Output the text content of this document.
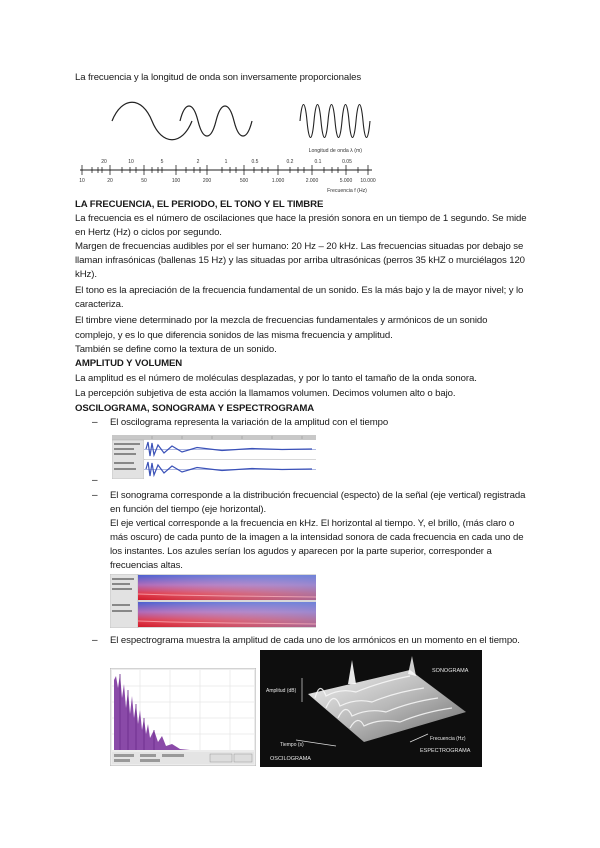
La frecuencia y la longitud de onda son inversamente proporcionales
Longitud de onda λ (m)
20	10	5	2	1	0.5	0.2	0.1	0.05
10	20	50	100	200	500	1.000	2.000	5.000 10.000
Frecuencia f (Hz)
LA FRECUENCIA, EL PERIODO, EL TONO Y EL TIMBRE
La frecuencia es el número de oscilaciones que hace la presión sonora en un tiempo de 1 segundo. Se mide
en Hertz (Hz) o ciclos por segundo.
Margen de frecuencias audibles por el ser humano: 20 Hz – 20 kHz. Las frecuencias situadas por debajo se
llaman infrasónicas (ballenas 15 Hz) y las situadas por arriba ultrasónicas (perros 35 kHZ o murciélagos 120
kHz).
El tono es la apreciación de la frecuencia fundamental de un sonido. Es la más bajo y la de mayor nivel; y lo
caracteriza.
El timbre viene determinado por la mezcla de frecuencias fundamentales y armónicos de un sonido
complejo, y es lo que diferencia sonidos de las misma frecuencia y amplitud.
También se define como la textura de un sonido.
AMPLITUD Y VOLUMEN
La amplitud es el número de moléculas desplazadas, y por lo tanto el tamaño de la onda sonora.
La percepción subjetiva de esta acción la llamamos volumen. Decimos volumen alto o bajo.
OSCILOGRAMA, SONOGRAMA Y ESPECTROGRAMA
– El oscilograma representa la variación de la amplitud con el tiempo
–
– El sonograma corresponde a la distribución frecuencial (especto) de la señal (eje vertical) registrada
en función del tiempo (eje horizontal).
El eje vertical corresponde a la frecuencia en kHz. El horizontal al tiempo. Y, el brillo, (más claro o
más oscuro) de cada punto de la imagen a la intensidad sonora de cada frecuencia en cada uno de
los instantes. Los azules serían los agudos y aparecen por la parte superior, corresponder a
frecuencias altas.
– El espectrograma muestra la amplitud de cada uno de los armónicos en un momento en el tiempo.
SONOGRAMA
Amplitud (dB)
Tiempo (s)
Frecuencia (Hz)
OSCILOGRAMA
ESPECTROGRAMA
